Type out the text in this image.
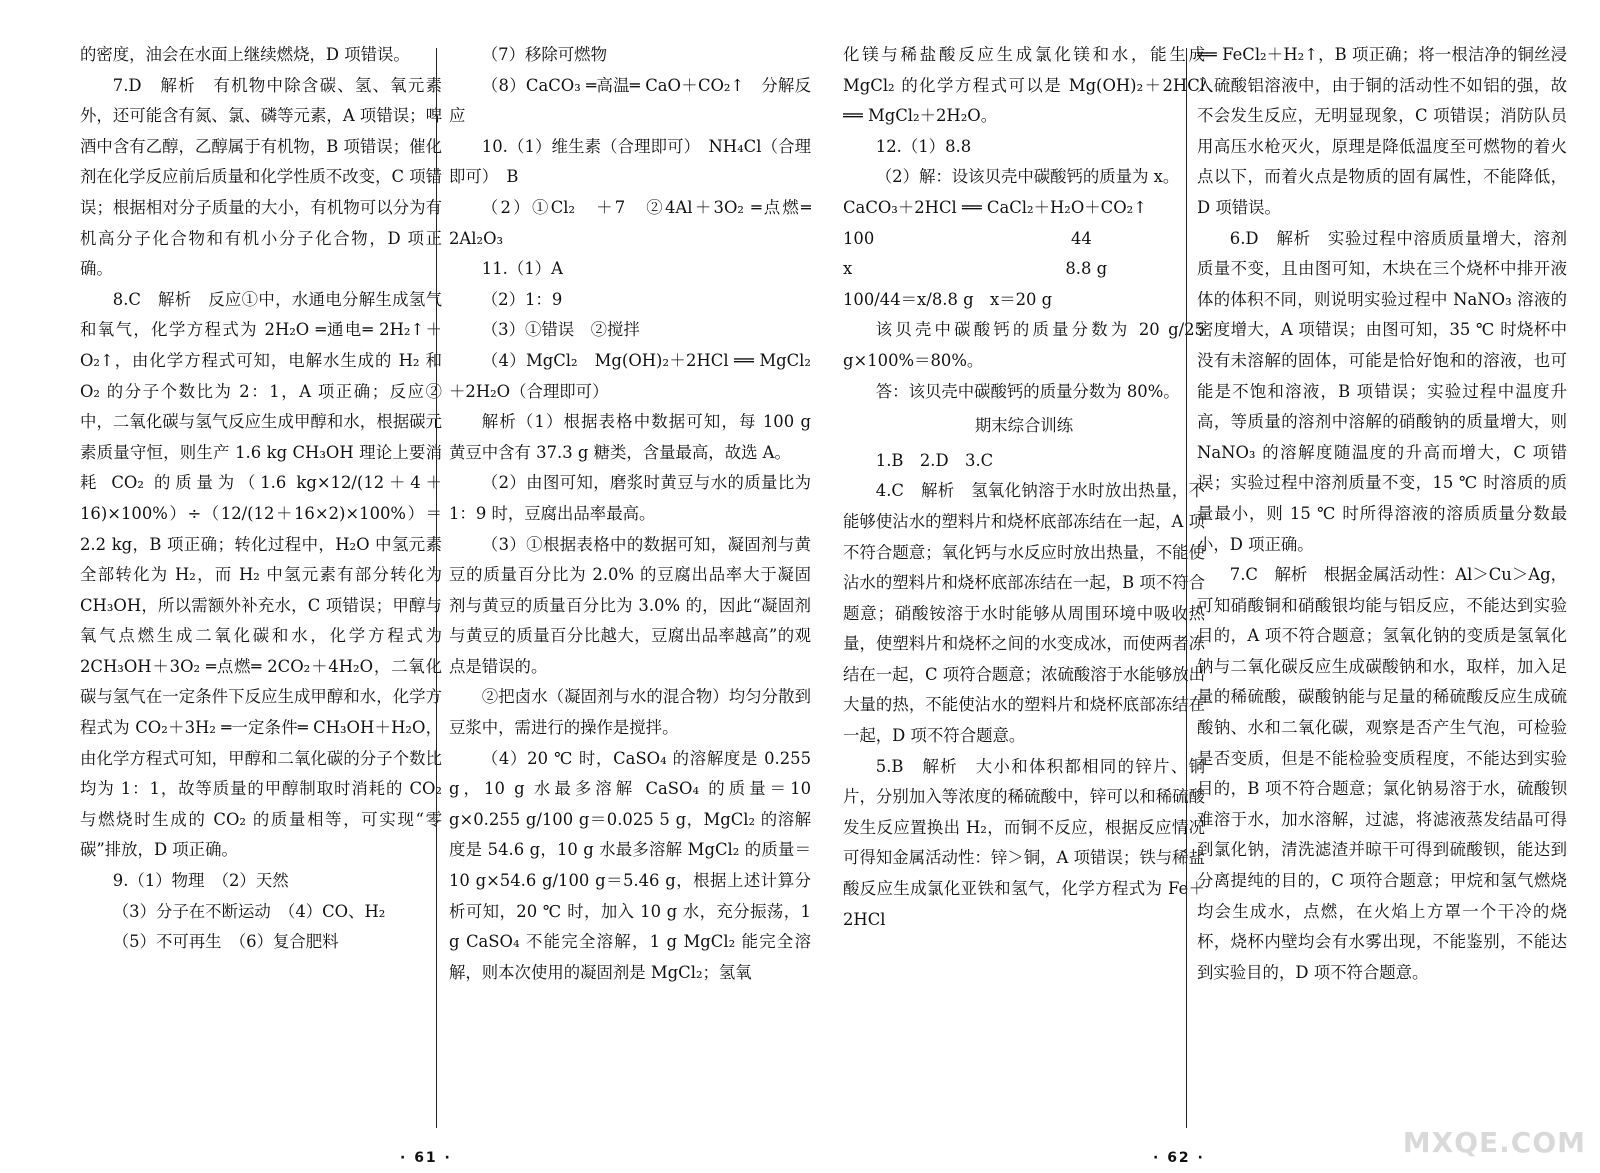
的密度，油会在水面上继续燃烧，D 项错误。

7.D　解析　有机物中除含碳、氢、氧元素外，还可能含有氮、氯、磷等元素，A 项错误；啤酒中含有乙醇，乙醇属于有机物，B 项错误；催化剂在化学反应前后质量和化学性质不改变，C 项错误；根据相对分子质量的大小，有机物可以分为有机高分子化合物和有机小分子化合物，D 项正确。

8.C　解析　反应①中，水通电分解生成氢气和氧气，化学方程式为 2H₂O ═通电═ 2H₂↑＋O₂↑，由化学方程式可知，电解水生成的 H₂ 和 O₂ 的分子个数比为 2：1，A 项正确；反应②中，二氧化碳与氢气反应生成甲醇和水，根据碳元素质量守恒，则生产 1.6 kg CH₃OH 理论上要消耗 CO₂ 的质量为（1.6 kg×12/(12＋4＋16)×100%）÷（12/(12＋16×2)×100%）＝2.2 kg，B 项正确；转化过程中，H₂O 中氢元素全部转化为 H₂，而 H₂ 中氢元素有部分转化为 CH₃OH，所以需额外补充水，C 项错误；甲醇与氧气点燃生成二氧化碳和水，化学方程式为 2CH₃OH＋3O₂ ═点燃═ 2CO₂＋4H₂O，二氧化碳与氢气在一定条件下反应生成甲醇和水，化学方程式为 CO₂＋3H₂ ═一定条件═ CH₃OH＋H₂O，由化学方程式可知，甲醇和二氧化碳的分子个数比均为 1：1，故等质量的甲醇制取时消耗的 CO₂ 与燃烧时生成的 CO₂ 的质量相等，可实现“零碳”排放，D 项正确。

9.（1）物理　（2）天然

（3）分子在不断运动　（4）CO、H₂

（5）不可再生　（6）复合肥料

（7）移除可燃物

（8）CaCO₃ ═高温═ CaO＋CO₂↑　分解反应

10.（1）维生素（合理即可）　NH₄Cl（合理即可）　B

（2）①Cl₂　＋7　②4Al＋3O₂ ═点燃═ 2Al₂O₃

11.（1）A

（2）1：9

（3）①错误　②搅拌

（4）MgCl₂　Mg(OH)₂＋2HCl ══ MgCl₂＋2H₂O（合理即可）

解析（1）根据表格中数据可知，每 100 g 黄豆中含有 37.3 g 糖类，含量最高，故选 A。

（2）由图可知，磨浆时黄豆与水的质量比为 1：9 时，豆腐出品率最高。

（3）①根据表格中的数据可知，凝固剂与黄豆的质量百分比为 2.0% 的豆腐出品率大于凝固剂与黄豆的质量百分比为 3.0% 的，因此“凝固剂与黄豆的质量百分比越大，豆腐出品率越高”的观点是错误的。

②把卤水（凝固剂与水的混合物）均匀分散到豆浆中，需进行的操作是搅拌。

（4）20 ℃ 时，CaSO₄ 的溶解度是 0.255 g，10 g 水最多溶解 CaSO₄ 的质量＝10 g×0.255 g/100 g＝0.025 5 g，MgCl₂ 的溶解度是 54.6 g，10 g 水最多溶解 MgCl₂ 的质量＝10 g×54.6 g/100 g＝5.46 g，根据上述计算分析可知，20 ℃ 时，加入 10 g 水，充分振荡，1 g CaSO₄ 不能完全溶解，1 g MgCl₂ 能完全溶解，则本次使用的凝固剂是 MgCl₂；氢氧

· 61 ·

化镁与稀盐酸反应生成氯化镁和水，能生成 MgCl₂ 的化学方程式可以是 Mg(OH)₂＋2HCl ══ MgCl₂＋2H₂O。

12.（1）8.8

（2）解：设该贝壳中碳酸钙的质量为 x。

CaCO₃＋2HCl ══ CaCl₂＋H₂O＋CO₂↑

100　　　　　　　　　　　　44

x　　　　　　　　　　　　　8.8 g

100/44＝x/8.8 g　x＝20 g

该贝壳中碳酸钙的质量分数为 20 g/25 g×100%＝80%。

答：该贝壳中碳酸钙的质量分数为 80%。

期末综合训练

1.B　2.D　3.C

4.C　解析　氢氧化钠溶于水时放出热量，不能够使沾水的塑料片和烧杯底部冻结在一起，A 项不符合题意；氧化钙与水反应时放出热量，不能使沾水的塑料片和烧杯底部冻结在一起，B 项不符合题意；硝酸铵溶于水时能够从周围环境中吸收热量，使塑料片和烧杯之间的水变成冰，而使两者冻结在一起，C 项符合题意；浓硫酸溶于水能够放出大量的热，不能使沾水的塑料片和烧杯底部冻结在一起，D 项不符合题意。

5.B　解析　大小和体积都相同的锌片、铜片，分别加入等浓度的稀硫酸中，锌可以和稀硫酸发生反应置换出 H₂，而铜不反应，根据反应情况可得知金属活动性：锌＞铜，A 项错误；铁与稀盐酸反应生成氯化亚铁和氢气，化学方程式为 Fe＋2HCl

══ FeCl₂＋H₂↑，B 项正确；将一根洁净的铜丝浸入硫酸铝溶液中，由于铜的活动性不如铝的强，故不会发生反应，无明显现象，C 项错误；消防队员用高压水枪灭火，原理是降低温度至可燃物的着火点以下，而着火点是物质的固有属性，不能降低，D 项错误。

6.D　解析　实验过程中溶质质量增大，溶剂质量不变，且由图可知，木块在三个烧杯中排开液体的体积不同，则说明实验过程中 NaNO₃ 溶液的密度增大，A 项错误；由图可知，35 ℃ 时烧杯中没有未溶解的固体，可能是恰好饱和的溶液，也可能是不饱和溶液，B 项错误；实验过程中温度升高，等质量的溶剂中溶解的硝酸钠的质量增大，则 NaNO₃ 的溶解度随温度的升高而增大，C 项错误；实验过程中溶剂质量不变，15 ℃ 时溶质的质量最小，则 15 ℃ 时所得溶液的溶质质量分数最小，D 项正确。

7.C　解析　根据金属活动性：Al＞Cu＞Ag，可知硝酸铜和硝酸银均能与铝反应，不能达到实验目的，A 项不符合题意；氢氧化钠的变质是氢氧化钠与二氧化碳反应生成碳酸钠和水，取样，加入足量的稀硫酸，碳酸钠能与足量的稀硫酸反应生成硫酸钠、水和二氧化碳，观察是否产生气泡，可检验是否变质，但是不能检验变质程度，不能达到实验目的，B 项不符合题意；氯化钠易溶于水，硫酸钡难溶于水，加水溶解，过滤，将滤液蒸发结晶可得到氯化钠，清洗滤渣并晾干可得到硫酸钡，能达到分离提纯的目的，C 项符合题意；甲烷和氢气燃烧均会生成水，点燃，在火焰上方罩一个干冷的烧杯，烧杯内壁均会有水雾出现，不能鉴别，不能达到实验目的，D 项不符合题意。

· 62 ·	MXQE.COM
